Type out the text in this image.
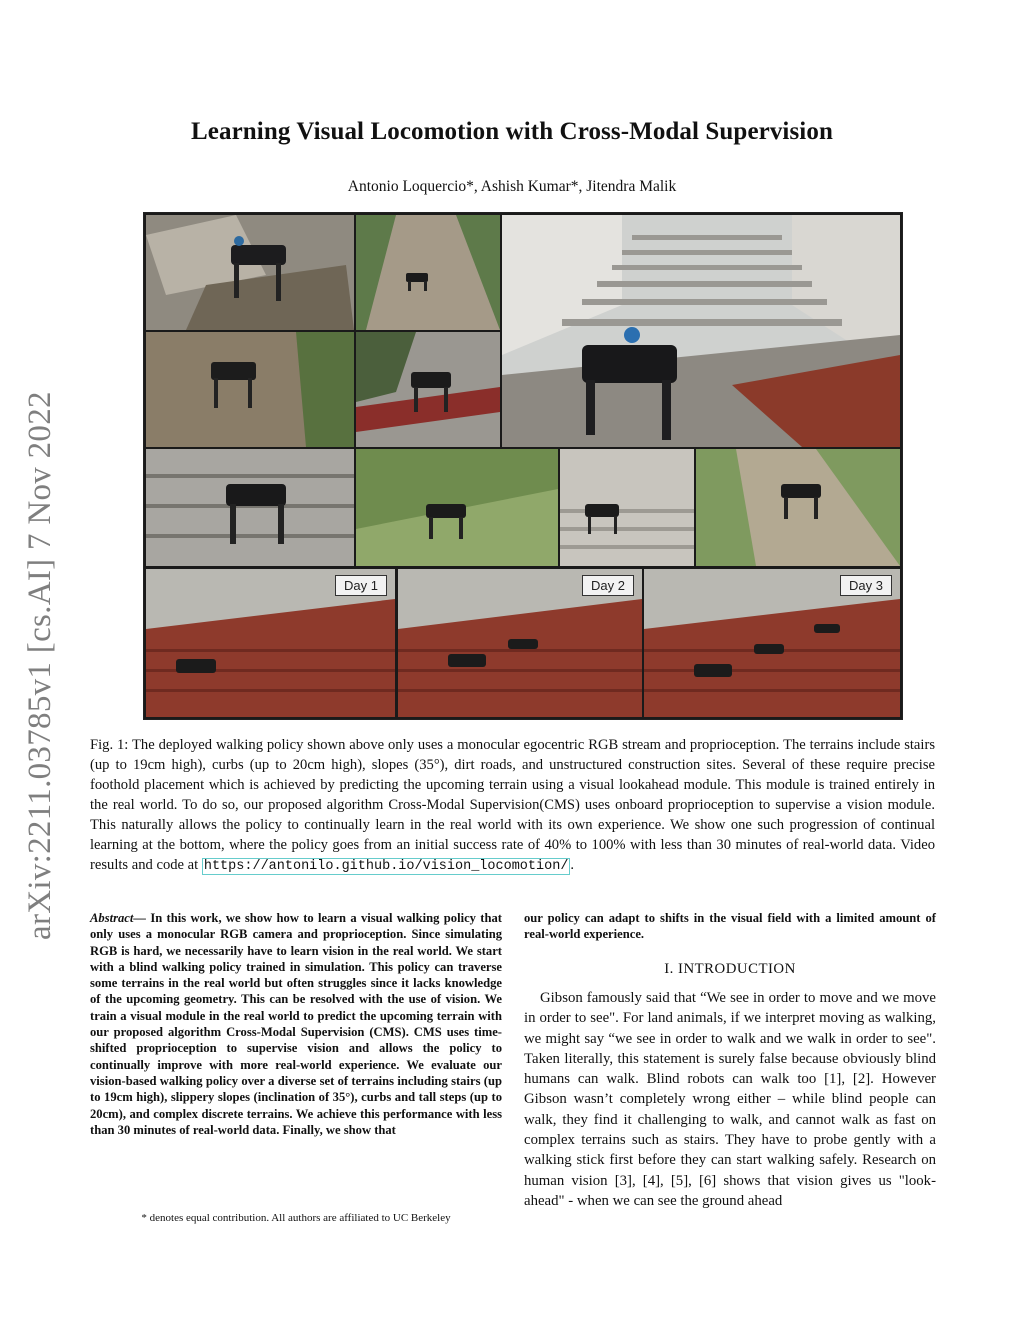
arXiv:2211.03785v1 [cs.AI] 7 Nov 2022
Learning Visual Locomotion with Cross-Modal Supervision
Antonio Loquercio*, Ashish Kumar*, Jitendra Malik
Day 1	Day 2	Day 3
Fig. 1: The deployed walking policy shown above only uses a monocular egocentric RGB stream and proprioception. The terrains include stairs (up to 19cm high), curbs (up to 20cm high), slopes (35°), dirt roads, and unstructured construction sites. Several of these require precise foothold placement which is achieved by predicting the upcoming terrain using a visual lookahead module. This module is trained entirely in the real world. To do so, our proposed algorithm Cross-Modal Supervision(CMS) uses onboard proprioception to supervise a vision module. This naturally allows the policy to continually learn in the real world with its own experience. We show one such progression of continual learning at the bottom, where the policy goes from an initial success rate of 40% to 100% with less than 30 minutes of real-world data. Video results and code at https://antonilo.github.io/vision_locomotion/ .
Abstract— In this work, we show how to learn a visual walking policy that only uses a monocular RGB camera and proprioception. Since simulating RGB is hard, we necessarily have to learn vision in the real world. We start with a blind walking policy trained in simulation. This policy can traverse some terrains in the real world but often struggles since it lacks knowledge of the upcoming geometry. This can be resolved with the use of vision. We train a visual module in the real world to predict the upcoming terrain with our proposed algorithm Cross-Modal Supervision (CMS). CMS uses time-shifted proprioception to supervise vision and allows the policy to continually improve with more real-world experience. We evaluate our vision-based walking policy over a diverse set of terrains including stairs (up to 19cm high), slippery slopes (inclination of 35°), curbs and tall steps (up to 20cm), and complex discrete terrains. We achieve this performance with less than 30 minutes of real-world data. Finally, we show that
* denotes equal contribution. All authors are affiliated to UC Berkeley
our policy can adapt to shifts in the visual field with a limited amount of real-world experience.
I. INTRODUCTION
Gibson famously said that “We see in order to move and we move in order to see". For land animals, if we interpret moving as walking, we might say “we see in order to walk and we walk in order to see". Taken literally, this statement is surely false because obviously blind humans can walk. Blind robots can walk too [1], [2]. However Gibson wasn’t completely wrong either – while blind people can walk, they find it challenging to walk, and cannot walk as fast on complex terrains such as stairs. They have to probe gently with a walking stick first before they can start walking safely. Research on human vision [3], [4], [5], [6] shows that vision gives us "look-ahead" - when we can see the ground ahead
